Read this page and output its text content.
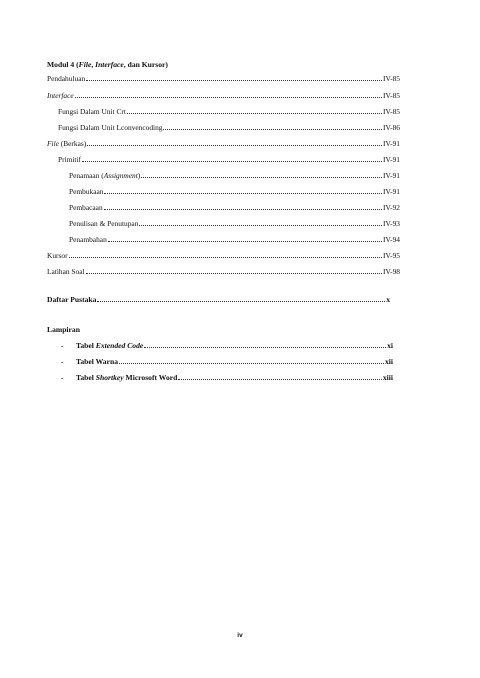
Modul 4 (File, Interface, dan Kursor)
Pendahuluan	IV-85
Interface	IV-85
Fungsi Dalam Unit Crt	IV-85
Fungsi Dalam Unit Lconvencoding	IV-86
File (Berkas)	IV-91
Primitif	IV-91
Penamaan (Assignment)	IV-91
Pembukaan	IV-91
Pembacaan	IV-92
Penulisan & Penutupan	IV-93
Penambahan	IV-94
Kursor	IV-95
Latihan Soal	IV-98
Daftar Pustaka	x
Lampiran
- Tabel Extended Code	xi
- Tabel Warna	xii
- Tabel Shortkey Microsoft Word	xiii
iv
